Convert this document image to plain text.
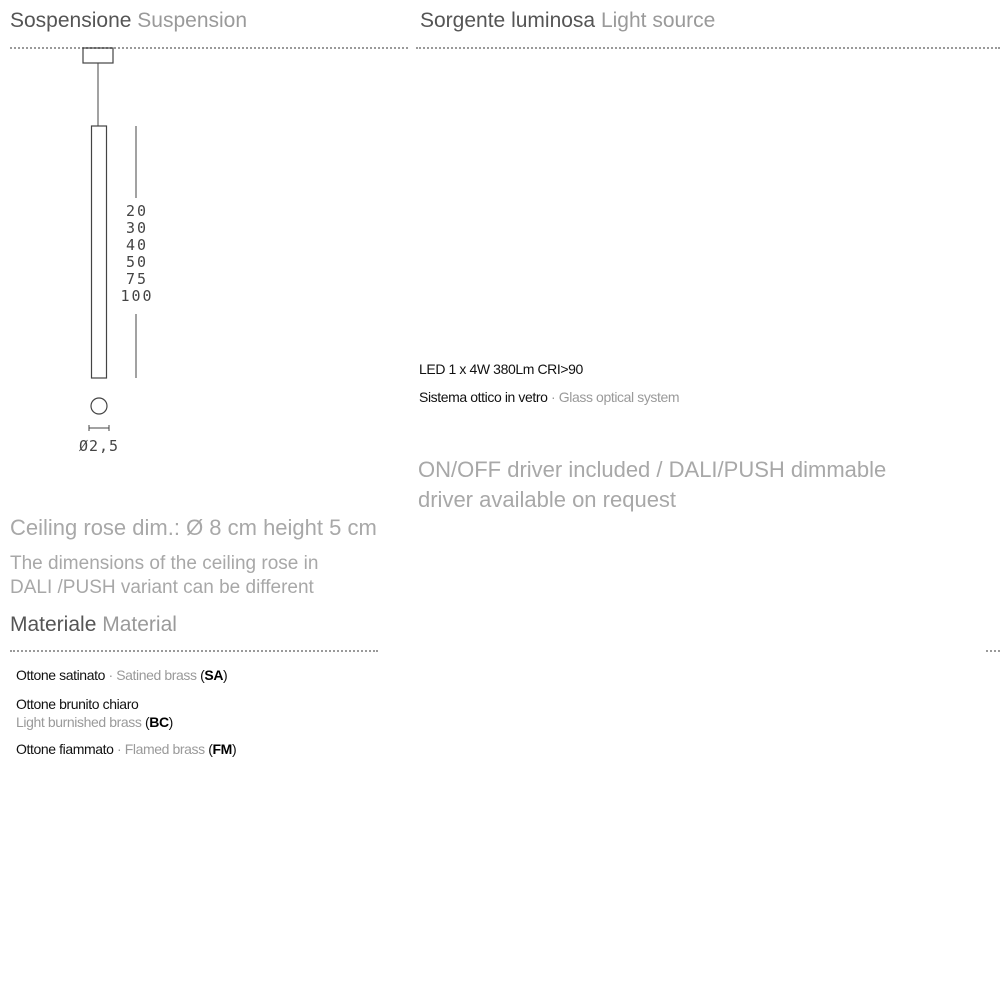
Sospensione Suspension	Sorgente luminosa Light source
20
30
40
50
75
100
Ø2,5
LED 1 x 4W 380Lm CRI>90
Sistema ottico in vetro · Glass optical system
ON/OFF driver included / DALI/PUSH dimmable
driver available on request
Ceiling rose dim.: Ø 8 cm height 5 cm
The dimensions of the ceiling rose in
DALI /PUSH variant can be different
Materiale Material
Ottone satinato · Satined brass (SA)
Ottone brunito chiaro
Light burnished brass (BC)
Ottone fiammato · Flamed brass (FM)
